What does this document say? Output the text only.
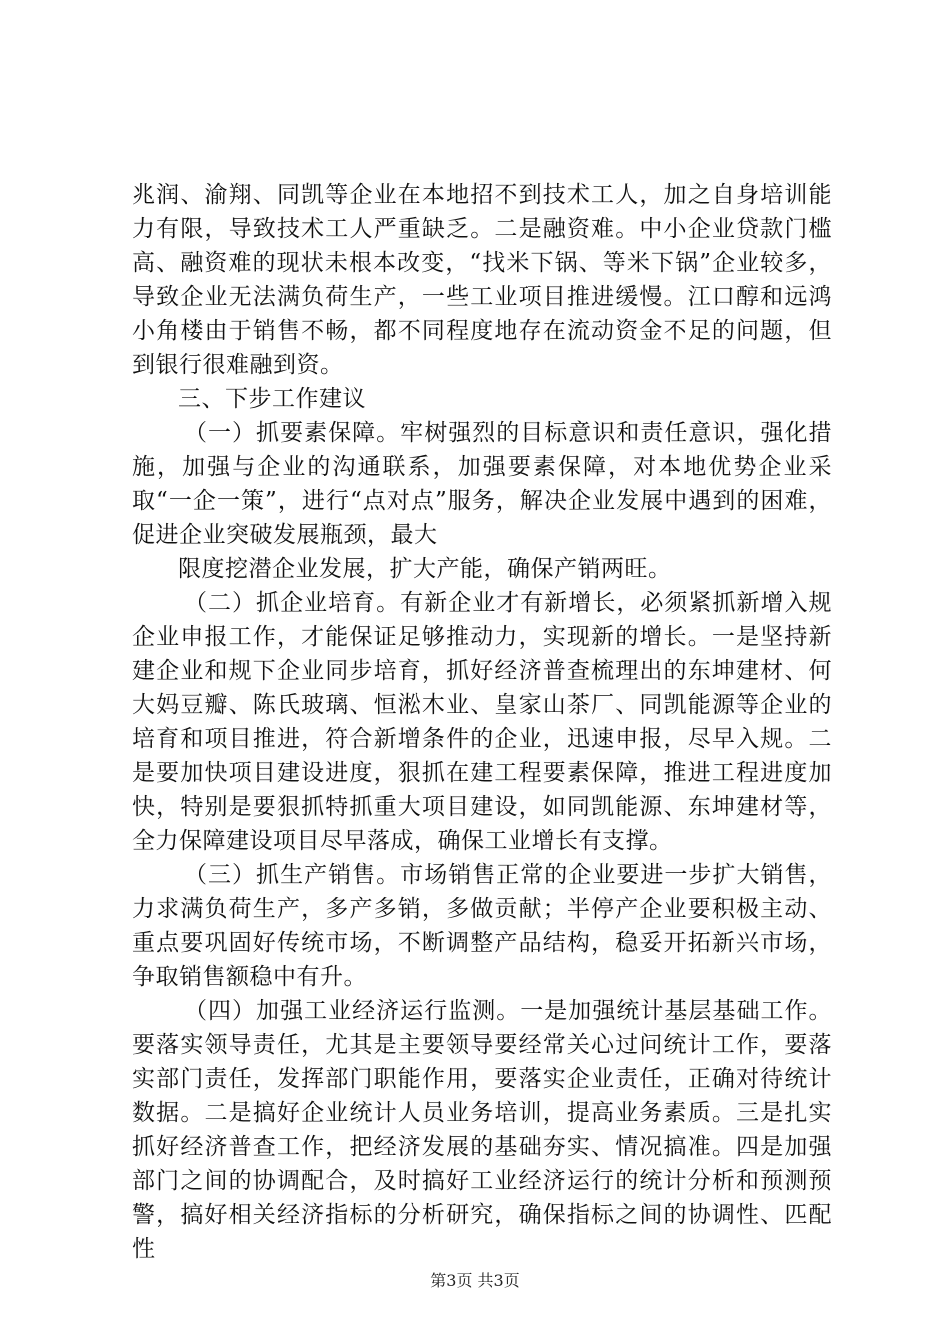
兆润、渝翔、同凯等企业在本地招不到技术工人，加之自身培训能力有限，导致技术工人严重缺乏。二是融资难。中小企业贷款门槛高、融资难的现状未根本改变，“找米下锅、等米下锅”企业较多，导致企业无法满负荷生产，一些工业项目推进缓慢。江口醇和远鸿小角楼由于销售不畅，都不同程度地存在流动资金不足的问题，但到银行很难融到资。

三、下步工作建议

（一）抓要素保障。牢树强烈的目标意识和责任意识，强化措施，加强与企业的沟通联系，加强要素保障，对本地优势企业采取“一企一策”，进行“点对点”服务，解决企业发展中遇到的困难，促进企业突破发展瓶颈，最大

限度挖潜企业发展，扩大产能，确保产销两旺。

（二）抓企业培育。有新企业才有新增长，必须紧抓新增入规企业申报工作，才能保证足够推动力，实现新的增长。一是坚持新建企业和规下企业同步培育，抓好经济普查梳理出的东坤建材、何大妈豆瓣、陈氏玻璃、恒淞木业、皇家山茶厂、同凯能源等企业的培育和项目推进，符合新增条件的企业，迅速申报，尽早入规。二是要加快项目建设进度，狠抓在建工程要素保障，推进工程进度加快，特别是要狠抓特抓重大项目建设，如同凯能源、东坤建材等，全力保障建设项目尽早落成，确保工业增长有支撑。

（三）抓生产销售。市场销售正常的企业要进一步扩大销售，力求满负荷生产，多产多销，多做贡献；半停产企业要积极主动、重点要巩固好传统市场，不断调整产品结构，稳妥开拓新兴市场，争取销售额稳中有升。

（四）加强工业经济运行监测。一是加强统计基层基础工作。要落实领导责任，尤其是主要领导要经常关心过问统计工作，要落实部门责任，发挥部门职能作用，要落实企业责任，正确对待统计数据。二是搞好企业统计人员业务培训，提高业务素质。三是扎实抓好经济普查工作，把经济发展的基础夯实、情况搞准。四是加强部门之间的协调配合，及时搞好工业经济运行的统计分析和预测预警，搞好相关经济指标的分析研究，确保指标之间的协调性、匹配性

第3页 共3页
